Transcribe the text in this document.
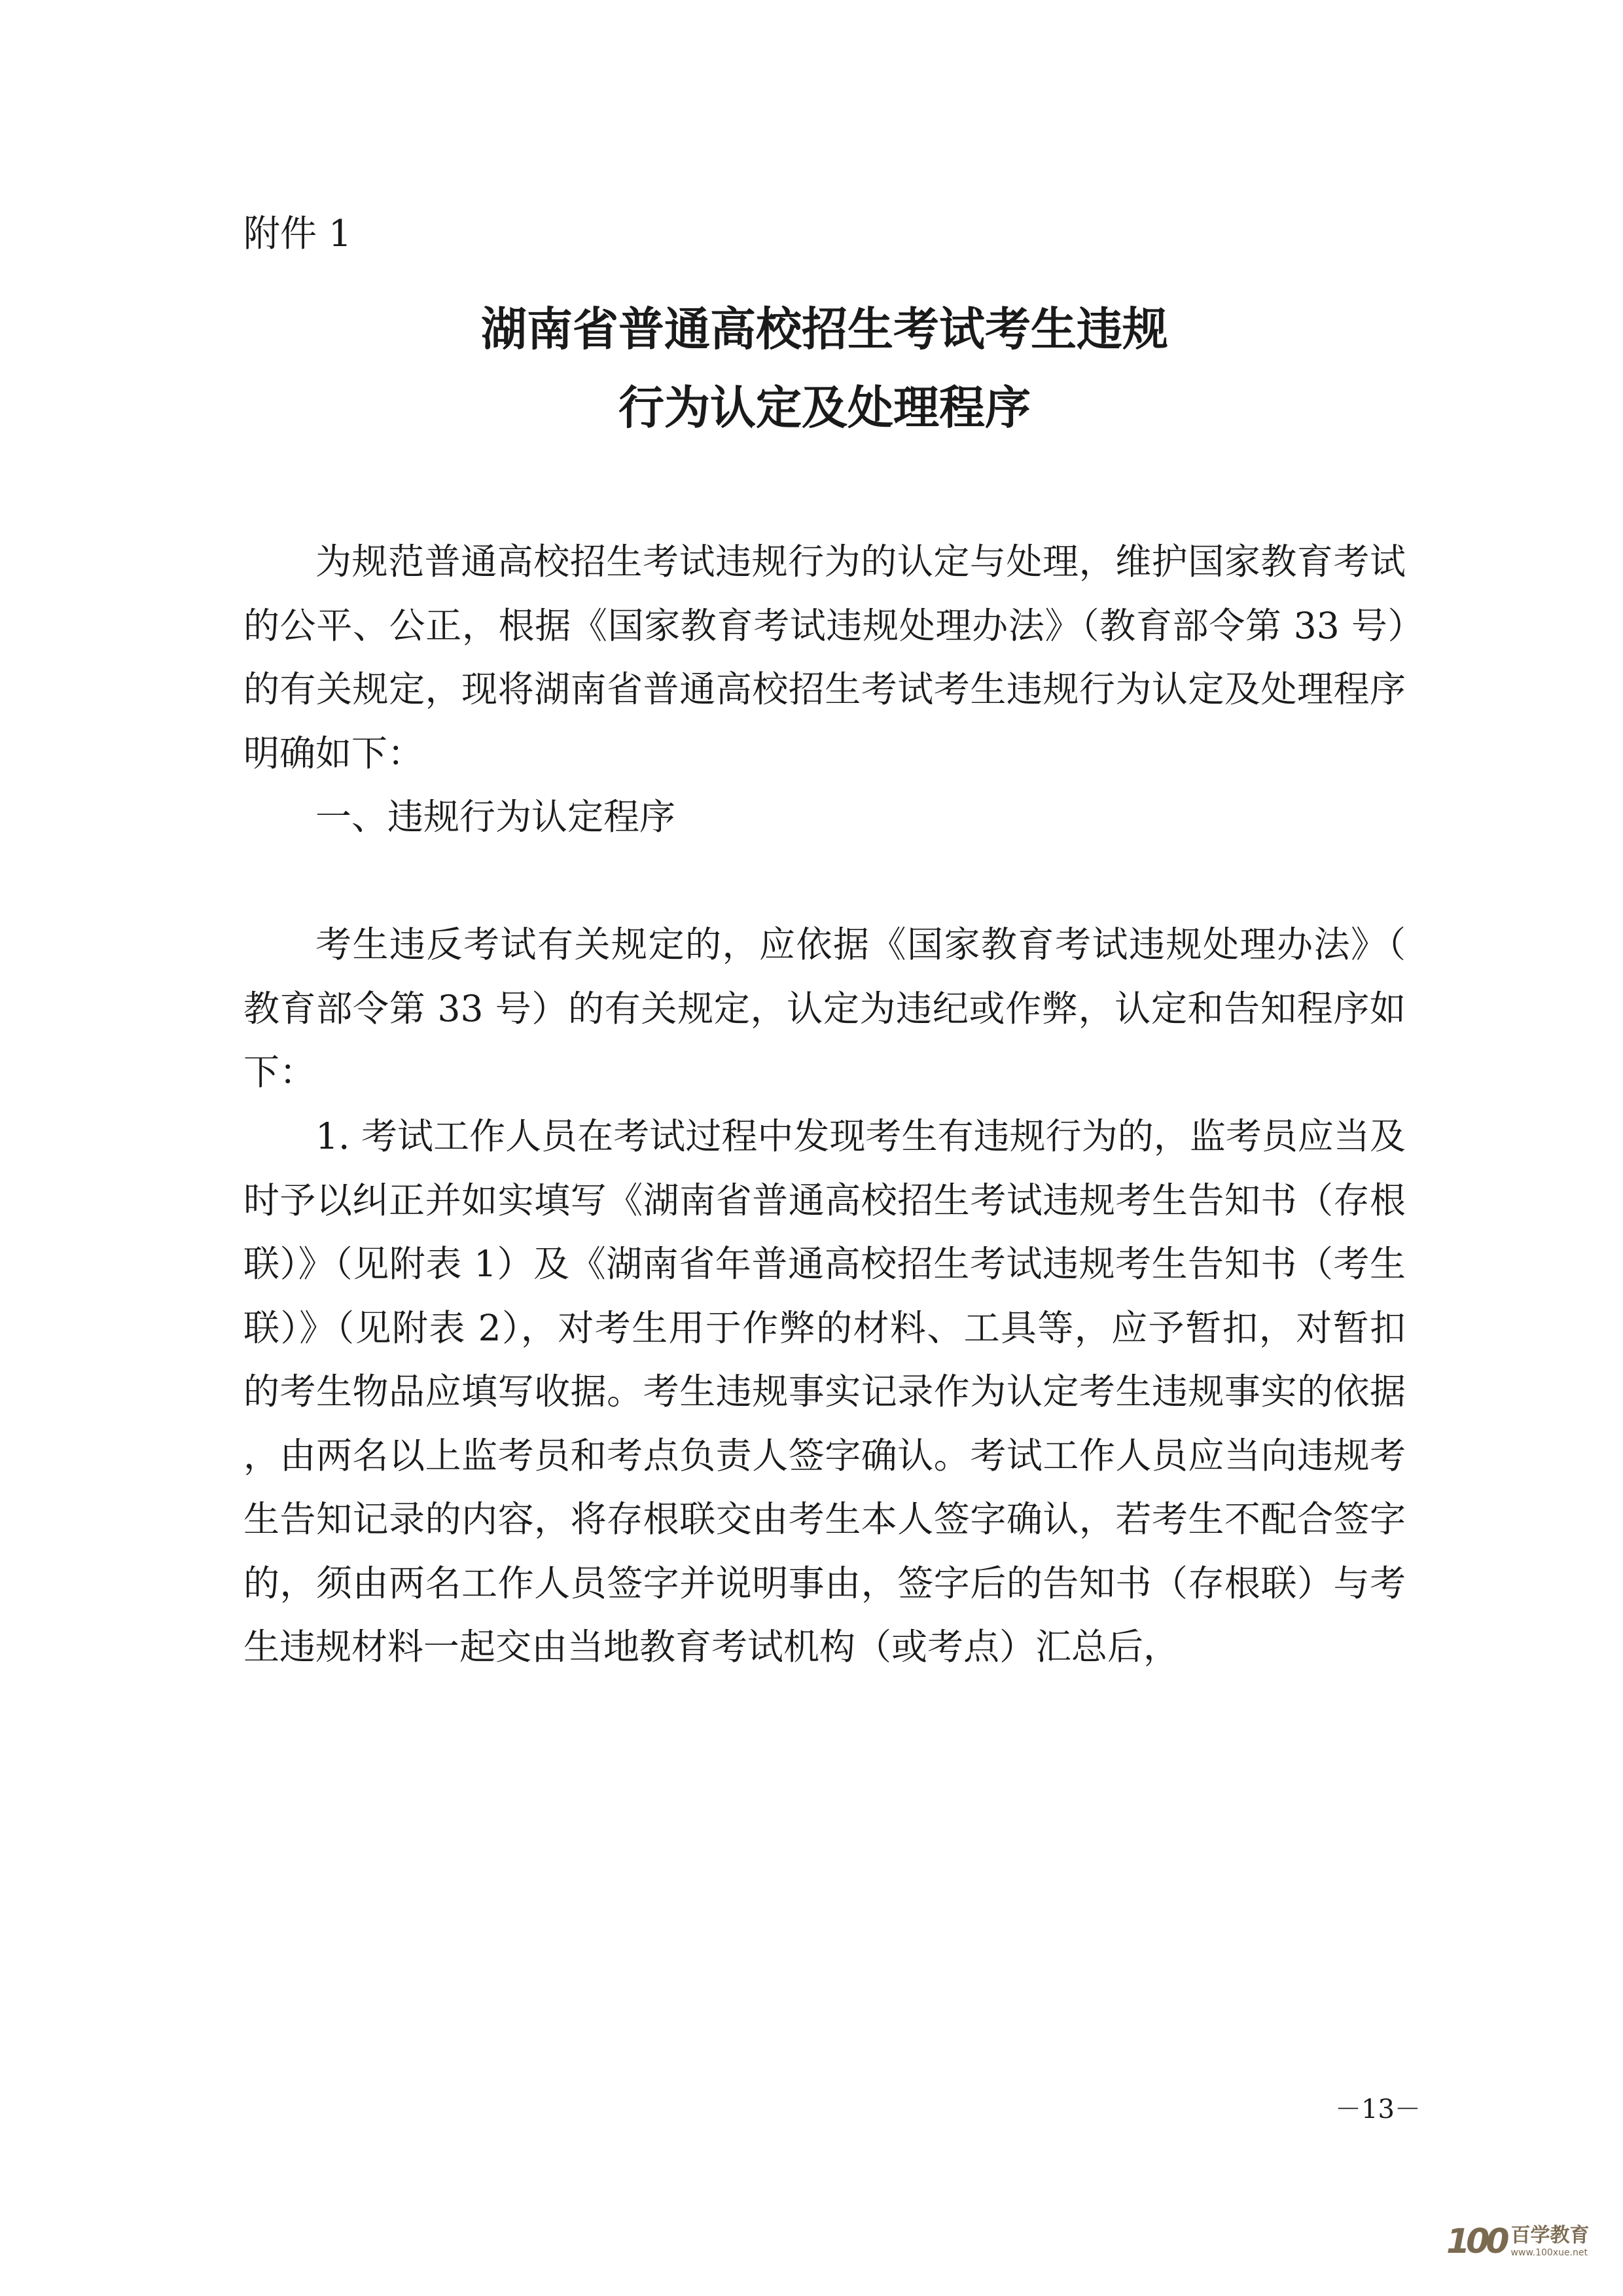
附件 1
湖南省普通高校招生考试考生违规
行为认定及处理程序

为规范普通高校招生考试违规行为的认定与处理，维护国家教育考试的公平、公正，根据《国家教育考试违规处理办法》（教育部令第 33 号）的有关规定，现将湖南省普通高校招生考试考生违规行为认定及处理程序明确如下：

一、违规行为认定程序

考生违反考试有关规定的，应依据《国家教育考试违规处理办法》（教育部令第 33 号）的有关规定，认定为违纪或作弊，认定和告知程序如下：

1. 考试工作人员在考试过程中发现考生有违规行为的，监考员应当及时予以纠正并如实填写《湖南省普通高校招生考试违规考生告知书（存根联）》（见附表 1）及《湖南省年普通高校招生考试违规考生告知书（考生联）》（见附表 2），对考生用于作弊的材料、工具等，应予暂扣，对暂扣的考生物品应填写收据。考生违规事实记录作为认定考生违规事实的依据，由两名以上监考员和考点负责人签字确认。考试工作人员应当向违规考生告知记录的内容，将存根联交由考生本人签字确认，若考生不配合签字的，须由两名工作人员签字并说明事由，签字后的告知书（存根联）与考生违规材料一起交由当地教育考试机构（或考点）汇总后，

－13－
100 百学教育
www.100xue.net
